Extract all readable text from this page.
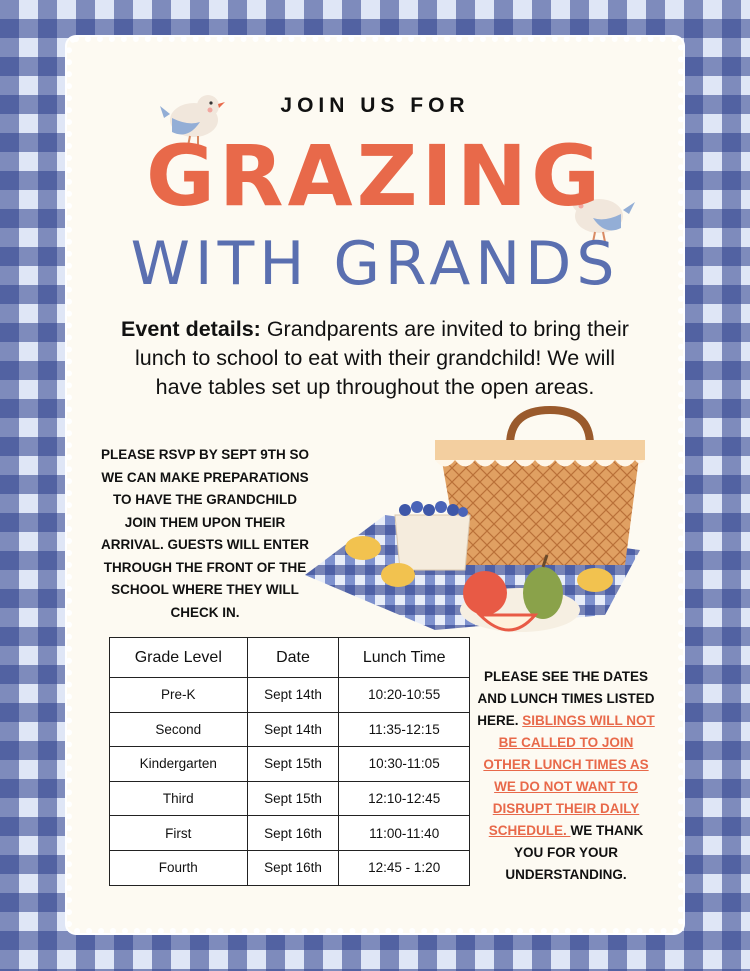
JOIN US FOR
GRAZING
WITH GRANDS
Event details: Grandparents are invited to bring their lunch to school to eat with their grandchild! We will have tables set up throughout the open areas.
PLEASE RSVP BY SEPT 9TH SO WE CAN MAKE PREPARATIONS TO HAVE THE GRANDCHILD JOIN THEM UPON THEIR ARRIVAL. GUESTS WILL ENTER THROUGH THE FRONT OF THE SCHOOL WHERE THEY WILL CHECK IN.
Grade Level	Date	Lunch Time
Pre-K	Sept 14th	10:20-10:55
Second	Sept 14th	11:35-12:15
Kindergarten	Sept 15th	10:30-11:05
Third	Sept 15th	12:10-12:45
First	Sept 16th	11:00-11:40
Fourth	Sept 16th	12:45 - 1:20
PLEASE SEE THE DATES AND LUNCH TIMES LISTED HERE. SIBLINGS WILL NOT BE CALLED TO JOIN OTHER LUNCH TIMES AS WE DO NOT WANT TO DISRUPT THEIR DAILY SCHEDULE. WE THANK YOU FOR YOUR UNDERSTANDING.
